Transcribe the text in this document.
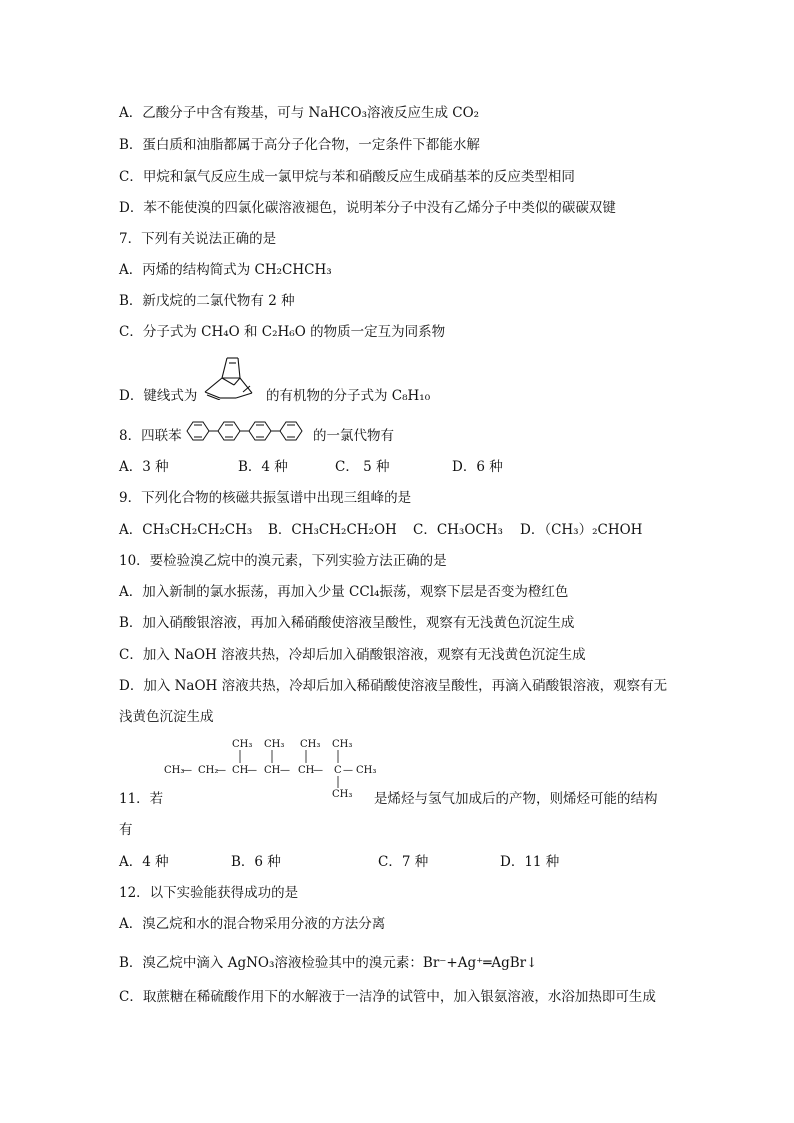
A．乙酸分子中含有羧基，可与 NaHCO₃溶液反应生成 CO₂
B．蛋白质和油脂都属于高分子化合物，一定条件下都能水解
C．甲烷和氯气反应生成一氯甲烷与苯和硝酸反应生成硝基苯的反应类型相同
D．苯不能使溴的四氯化碳溶液褪色，说明苯分子中没有乙烯分子中类似的碳碳双键
7．下列有关说法正确的是
A．丙烯的结构简式为 CH₂CHCH₃
B．新戊烷的二氯代物有 2 种
C．分子式为 CH₄O 和 C₂H₆O 的物质一定互为同系物
D．键线式为	的有机物的分子式为 C₈H₁₀
8．四联苯	的一氯代物有
A．3 种	B．4 种	C． 5 种	D．6 种
9．下列化合物的核磁共振氢谱中出现三组峰的是
A．CH₃CH₂CH₂CH₃ B．CH₃CH₂CH₂OH C．CH₃OCH₃ D．（CH₃）₂CHOH
10．要检验溴乙烷中的溴元素，下列实验方法正确的是
A．加入新制的氯水振荡，再加入少量 CCl₄振荡，观察下层是否变为橙红色
B．加入硝酸银溶液，再加入稀硝酸使溶液呈酸性，观察有无浅黄色沉淀生成
C．加入 NaOH 溶液共热，冷却后加入硝酸银溶液，观察有无浅黄色沉淀生成
D．加入 NaOH 溶液共热，冷却后加入稀硝酸使溶液呈酸性，再滴入硝酸银溶液，观察有无
浅黄色沉淀生成
CH₃ CH₃ CH₃ CH₃
CH₃
— CH₂
— CH
— CH — CH
— C — CH₃
CH₃
11．若	是烯烃与氢气加成后的产物，则烯烃可能的结构
有
A．4 种	B．6 种	C．7 种	D．11 种
12．以下实验能获得成功的是
A．溴乙烷和水的混合物采用分液的方法分离
B．溴乙烷中滴入 AgNO₃溶液检验其中的溴元素：Br⁻+Ag⁺═AgBr↓
C．取蔗糖在稀硫酸作用下的水解液于一洁净的试管中，加入银氨溶液，水浴加热即可生成
